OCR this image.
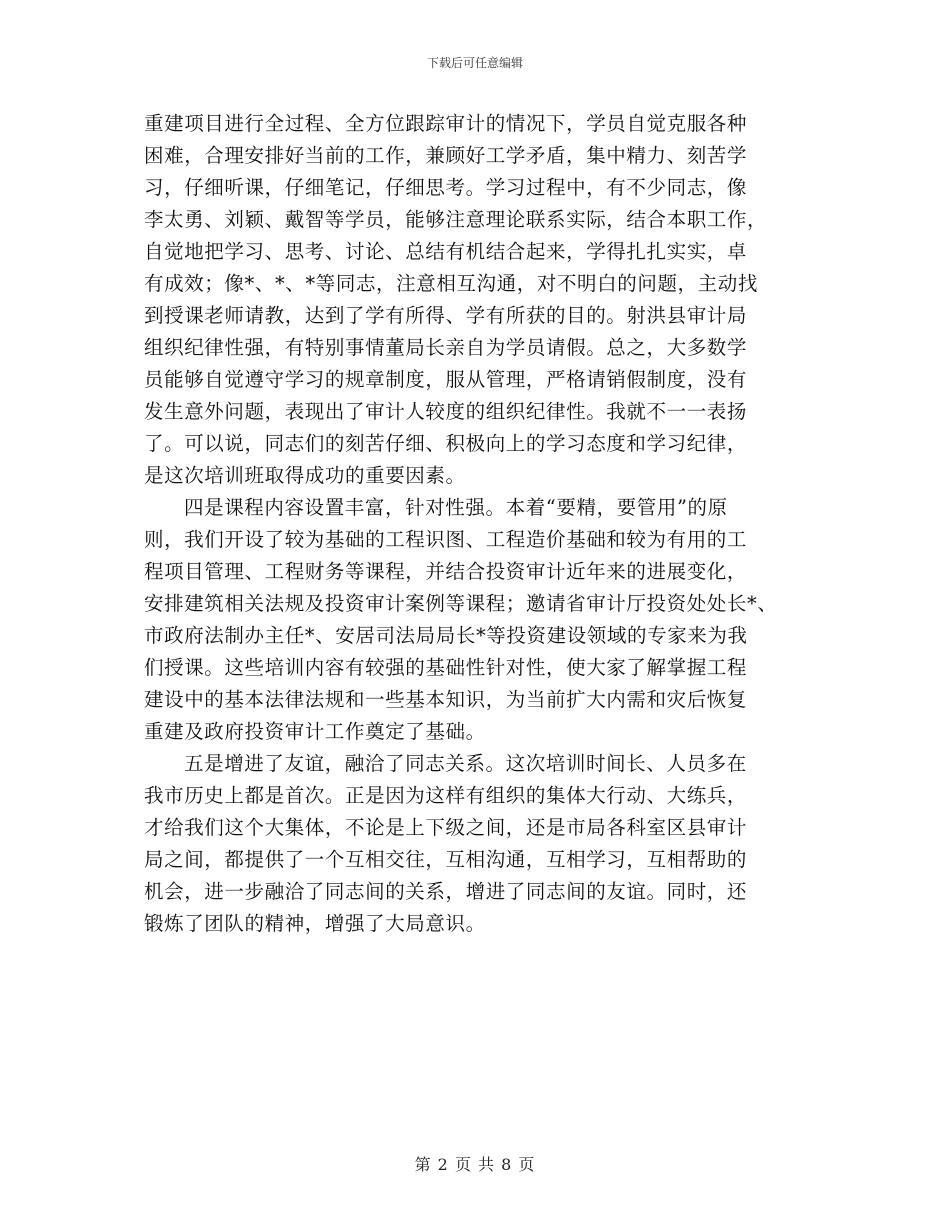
下载后可任意编辑
重建项目进行全过程、全方位跟踪审计的情况下，学员自觉克服各种
困难，合理安排好当前的工作，兼顾好工学矛盾，集中精力、刻苦学
习，仔细听课，仔细笔记，仔细思考。学习过程中，有不少同志，像
李太勇、刘颖、戴智等学员，能够注意理论联系实际，结合本职工作，
自觉地把学习、思考、讨论、总结有机结合起来，学得扎扎实实，卓
有成效；像*、*、*等同志，注意相互沟通，对不明白的问题，主动找
到授课老师请教，达到了学有所得、学有所获的目的。射洪县审计局
组织纪律性强，有特别事情董局长亲自为学员请假。总之，大多数学
员能够自觉遵守学习的规章制度，服从管理，严格请销假制度，没有
发生意外问题，表现出了审计人较度的组织纪律性。我就不一一表扬
了。可以说，同志们的刻苦仔细、积极向上的学习态度和学习纪律，
是这次培训班取得成功的重要因素。
四是课程内容设置丰富，针对性强。本着“要精，要管用”的原
则，我们开设了较为基础的工程识图、工程造价基础和较为有用的工
程项目管理、工程财务等课程，并结合投资审计近年来的进展变化，
安排建筑相关法规及投资审计案例等课程；邀请省审计厅投资处处长*、
市政府法制办主任*、安居司法局局长*等投资建设领域的专家来为我
们授课。这些培训内容有较强的基础性针对性，使大家了解掌握工程
建设中的基本法律法规和一些基本知识，为当前扩大内需和灾后恢复
重建及政府投资审计工作奠定了基础。
五是增进了友谊，融洽了同志关系。这次培训时间长、人员多在
我市历史上都是首次。正是因为这样有组织的集体大行动、大练兵，
才给我们这个大集体，不论是上下级之间，还是市局各科室区县审计
局之间，都提供了一个互相交往，互相沟通，互相学习，互相帮助的
机会，进一步融洽了同志间的关系，增进了同志间的友谊。同时，还
锻炼了团队的精神，增强了大局意识。
第 2 页 共 8 页
